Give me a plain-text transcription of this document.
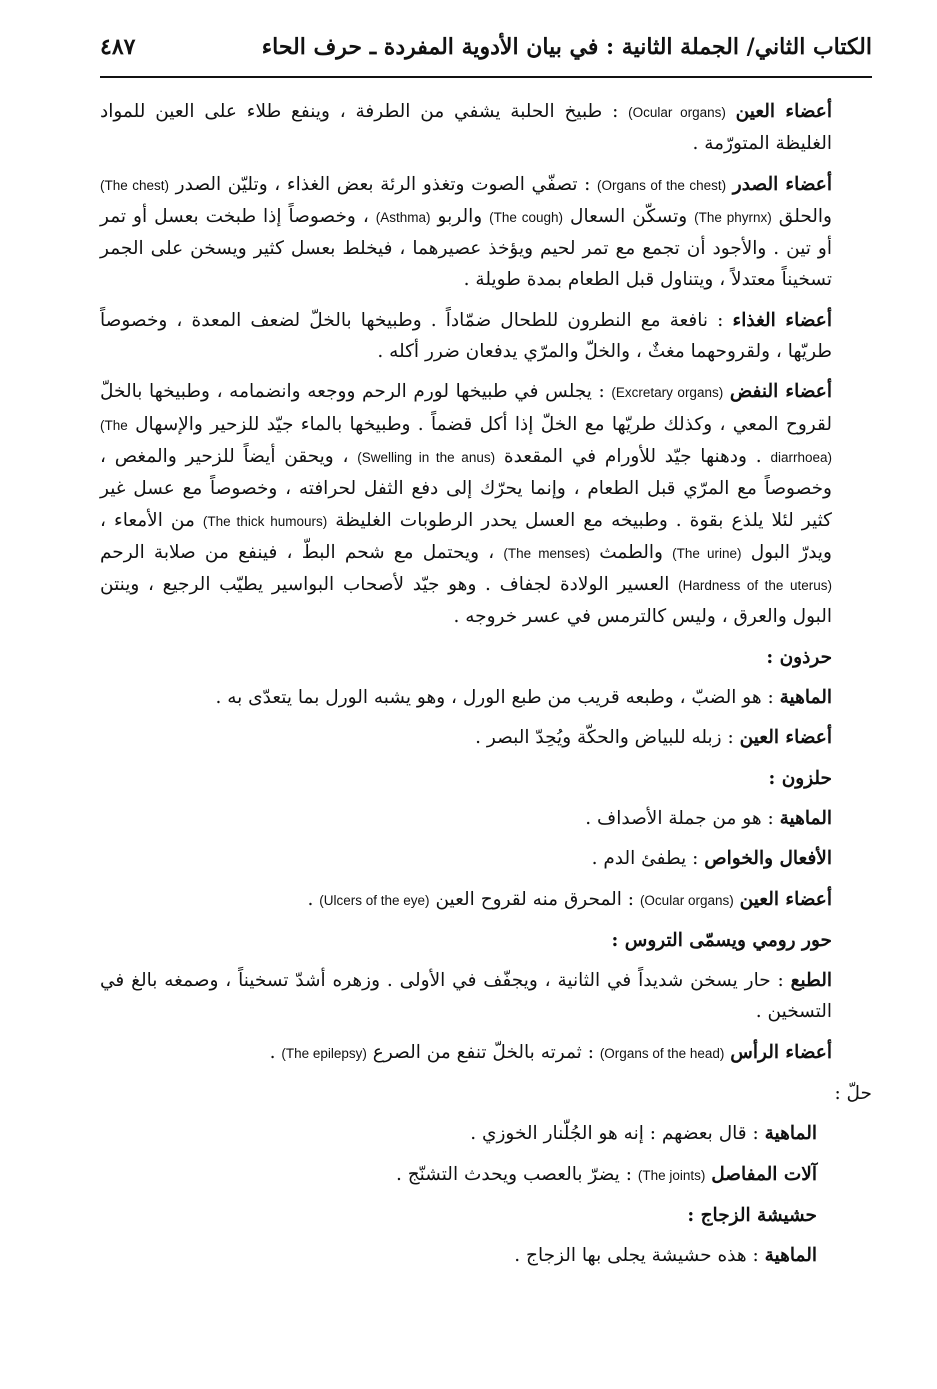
الكتاب الثاني/ الجملة الثانية : في بيان الأدوية المفردة ـ حرف الحاء
٤٨٧

أعضاء العين (Ocular organs) : طبيخ الحلبة يشفي من الطرفة ، وينفع طلاء على العين للمواد الغليظة المتورّمة .

أعضاء الصدر (Organs of the chest) : تصفّي الصوت وتغذو الرئة بعض الغذاء ، وتليّن الصدر (The chest) والحلق (The phyrnx) وتسكّن السعال (The cough) والربو (Asthma) ، وخصوصاً إذا طبخت بعسل أو تمر أو تين . والأجود أن تجمع مع تمر لحيم ويؤخذ عصيرهما ، فيخلط بعسل كثير ويسخن على الجمر تسخيناً معتدلاً ، ويتناول قبل الطعام بمدة طويلة .

أعضاء الغذاء : نافعة مع النطرون للطحال ضمّاداً . وطبيخها بالخلّ لضعف المعدة ، وخصوصاً طريّها ، ولقروحهما مغثٌ ، والخلّ والمرّي يدفعان ضرر أكله .

أعضاء النفض (Excretary organs) : يجلس في طبيخها لورم الرحم ووجعه وانضمامه ، وطبيخها بالخلّ لقروح المعي ، وكذلك طريّها مع الخلّ إذا أكل قضماً . وطبيخها بالماء جيّد للزحير والإسهال (The diarrhoea) . ودهنها جيّد للأورام في المقعدة (Swelling in the anus) ، ويحقن أيضاً للزحير والمغص ، وخصوصاً مع المرّي قبل الطعام ، وإنما يحرّك إلى دفع الثفل لحرافته ، وخصوصاً مع عسل غير كثير لئلا يلذع بقوة . وطبيخه مع العسل يحدر الرطوبات الغليظة (The thick humours) من الأمعاء ، ويدرّ البول (The urine) والطمث (The menses) ، ويحتمل مع شحم البطّ ، فينفع من صلابة الرحم (Hardness of the uterus) العسير الولادة لجفاف . وهو جيّد لأصحاب البواسير يطيّب الرجيع ، وينتن البول والعرق ، وليس كالترمس في عسر خروجه .

حرذون :

الماهية : هو الضبّ ، وطبعه قريب من طبع الورل ، وهو يشبه الورل بما يتعدّى به .

أعضاء العين : زبله للبياض والحكّة ويُحِدّ البصر .

حلزون :

الماهية : هو من جملة الأصداف .

الأفعال والخواص : يطفئ الدم .

أعضاء العين (Ocular organs) : المحرق منه لقروح العين (Ulcers of the eye) .

حور رومي ويسمّى التروس :

الطبع : حار يسخن شديداً في الثانية ، ويجفّف في الأولى . وزهره أشدّ تسخيناً ، وصمغه بالغ في التسخين .

أعضاء الرأس (Organs of the head) : ثمرته بالخلّ تنفع من الصرع (The epilepsy) .

حلّ :

الماهية : قال بعضهم : إنه هو الجُلّنار الخوزي .

آلات المفاصل (The joints) : يضرّ بالعصب ويحدث التشنّج .

حشيشة الزجاج :

الماهية : هذه حشيشة يجلى بها الزجاج .
